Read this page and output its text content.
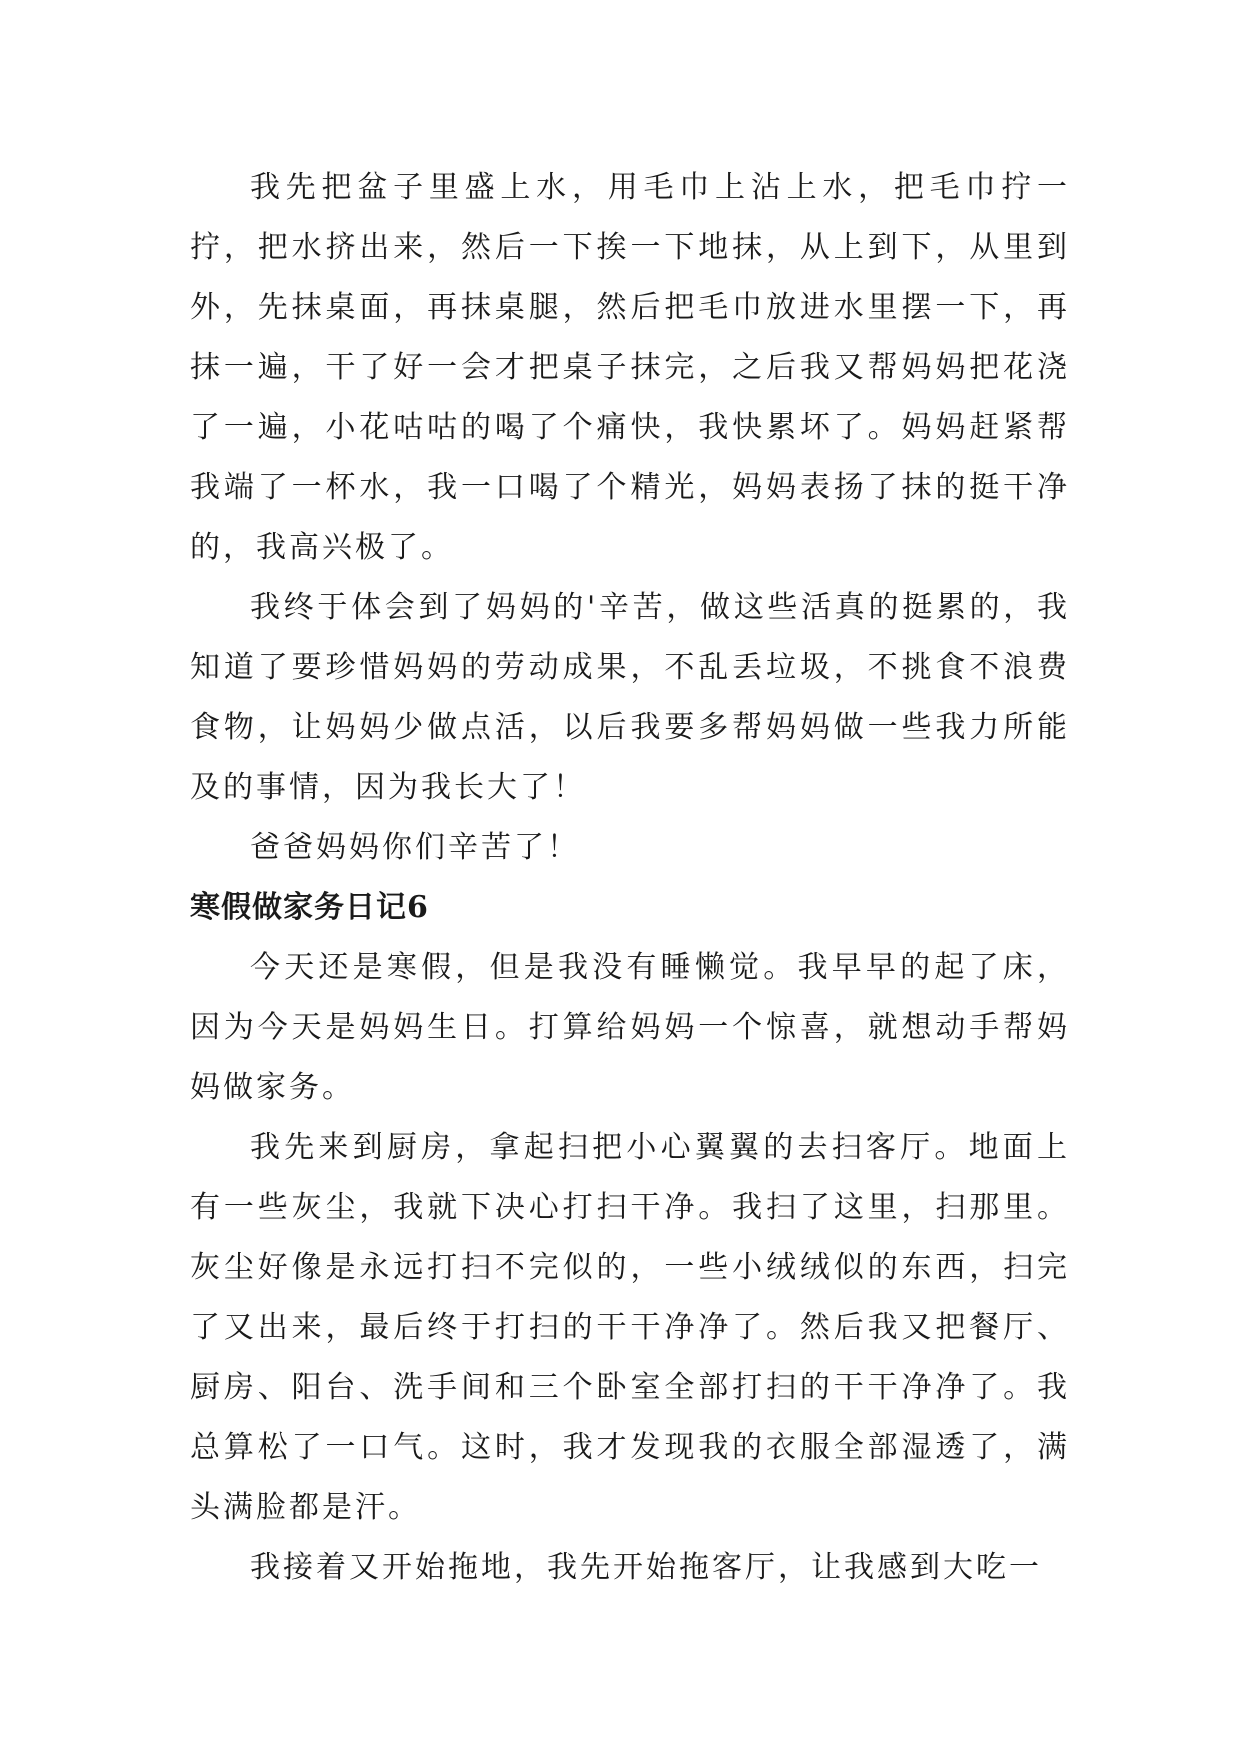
我先把盆子里盛上水，用毛巾上沾上水，把毛巾拧一拧，把水挤出来，然后一下挨一下地抹，从上到下，从里到外，先抹桌面，再抹桌腿，然后把毛巾放进水里摆一下，再抹一遍，干了好一会才把桌子抹完，之后我又帮妈妈把花浇了一遍，小花咕咕的喝了个痛快，我快累坏了。妈妈赶紧帮我端了一杯水，我一口喝了个精光，妈妈表扬了抹的挺干净的，我高兴极了。

我终于体会到了妈妈的'辛苦，做这些活真的挺累的，我知道了要珍惜妈妈的劳动成果，不乱丢垃圾，不挑食不浪费食物，让妈妈少做点活，以后我要多帮妈妈做一些我力所能及的事情，因为我长大了！

爸爸妈妈你们辛苦了！

寒假做家务日记6

今天还是寒假，但是我没有睡懒觉。我早早的起了床，因为今天是妈妈生日。打算给妈妈一个惊喜，就想动手帮妈妈做家务。

我先来到厨房，拿起扫把小心翼翼的去扫客厅。地面上有一些灰尘，我就下决心打扫干净。我扫了这里，扫那里。灰尘好像是永远打扫不完似的，一些小绒绒似的东西，扫完了又出来，最后终于打扫的干干净净了。然后我又把餐厅、厨房、阳台、洗手间和三个卧室全部打扫的干干净净了。我总算松了一口气。这时，我才发现我的衣服全部湿透了，满头满脸都是汗。

我接着又开始拖地，我先开始拖客厅，让我感到大吃一
